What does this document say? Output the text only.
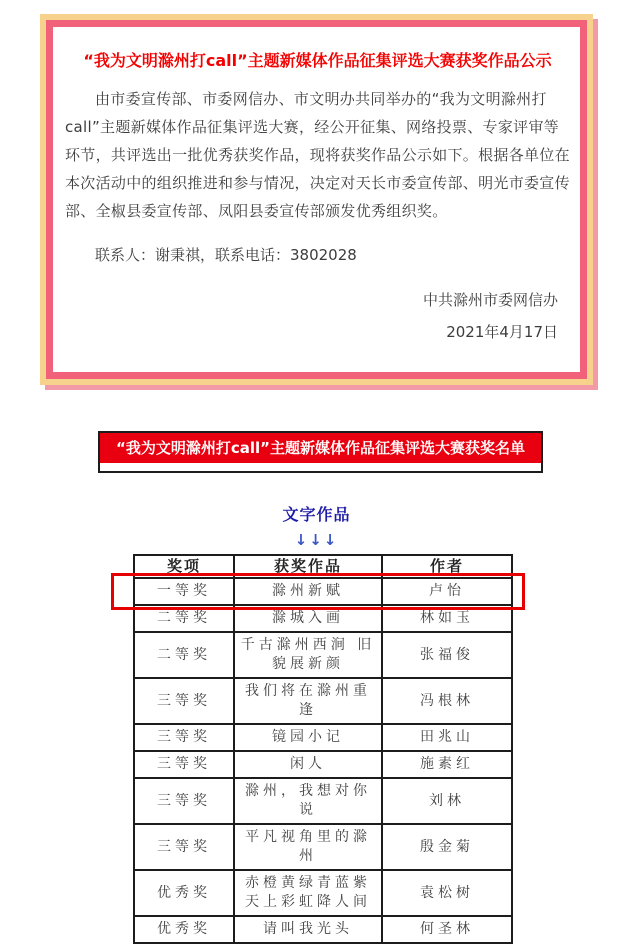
“我为文明滁州打call”主题新媒体作品征集评选大赛获奖作品公示

由市委宣传部、市委网信办、市文明办共同举办的“我为文明滁州打call”主题新媒体作品征集评选大赛，经公开征集、网络投票、专家评审等环节，共评选出一批优秀获奖作品，现将获奖作品公示如下。根据各单位在本次活动中的组织推进和参与情况，决定对天长市委宣传部、明光市委宣传部、全椒县委宣传部、凤阳县委宣传部颁发优秀组织奖。

联系人：谢秉祺，联系电话：3802028

中共滁州市委网信办
2021年4月17日
“我为文明滁州打call”主题新媒体作品征集评选大赛获奖名单
文字作品
↓↓↓
奖项	获奖作品	作者
一等奖	滁州新赋	卢怡
二等奖	滁城入画	林如玉
二等奖	千古滁州西涧 旧貌展新颜	张福俊
三等奖	我们将在滁州重逢	冯根林
三等奖	镜园小记	田兆山
三等奖	闲人	施素红
三等奖	滁州，我想对你说	刘林
三等奖	平凡视角里的滁州	殷金菊
优秀奖	赤橙黄绿青蓝紫 天上彩虹降人间	袁松树
优秀奖	请叫我光头	何圣林
